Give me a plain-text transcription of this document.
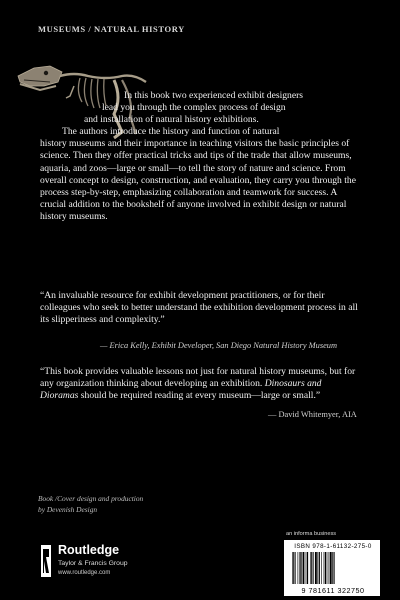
MUSEUMS / NATURAL HISTORY
In this book two experienced exhibit designers
lead you through the complex process of design
and installation of natural history exhibitions.
The authors introduce the history and function of natural
history museums and their importance in teaching visitors the basic principles of science. Then they offer practical tricks and tips of the trade that allow museums, aquaria, and zoos—large or small—to tell the story of nature and science. From overall concept to design, construction, and evaluation, they carry you through the process step-by-step, emphasizing collaboration and teamwork for success. A crucial addition to the bookshelf of anyone involved in exhibit design or natural history museums.
“An invaluable resource for exhibit development practitioners, or for their colleagues who seek to better understand the exhibition development process in all its slipperiness and complexity.”
— Erica Kelly, Exhibit Developer, San Diego Natural History Museum
“This book provides valuable lessons not just for natural history museums, but for any organization thinking about developing an exhibition. Dinosaurs and Dioramas should be required reading at every museum—large or small.”
— David Whitemyer, AIA
Book /Cover design and production
by Devenish Design
an informa business
ISBN 978-1-61132-275-0
9 781611 322750
Routledge
Taylor & Francis Group
www.routledge.com
